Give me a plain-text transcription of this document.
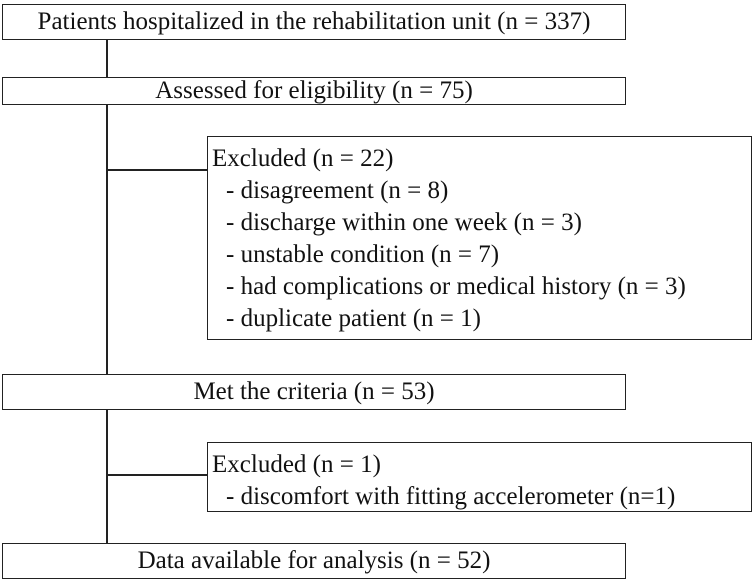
Patients hospitalized in the rehabilitation unit (n = 337)
Assessed for eligibility (n = 75)
Excluded (n = 22)
- disagreement (n = 8)
- discharge within one week (n = 3)
- unstable condition (n = 7)
- had complications or medical history (n = 3)
- duplicate patient (n = 1)
Met the criteria (n = 53)
Excluded (n = 1)
- discomfort with fitting accelerometer (n=1)
Data available for analysis (n = 52)
